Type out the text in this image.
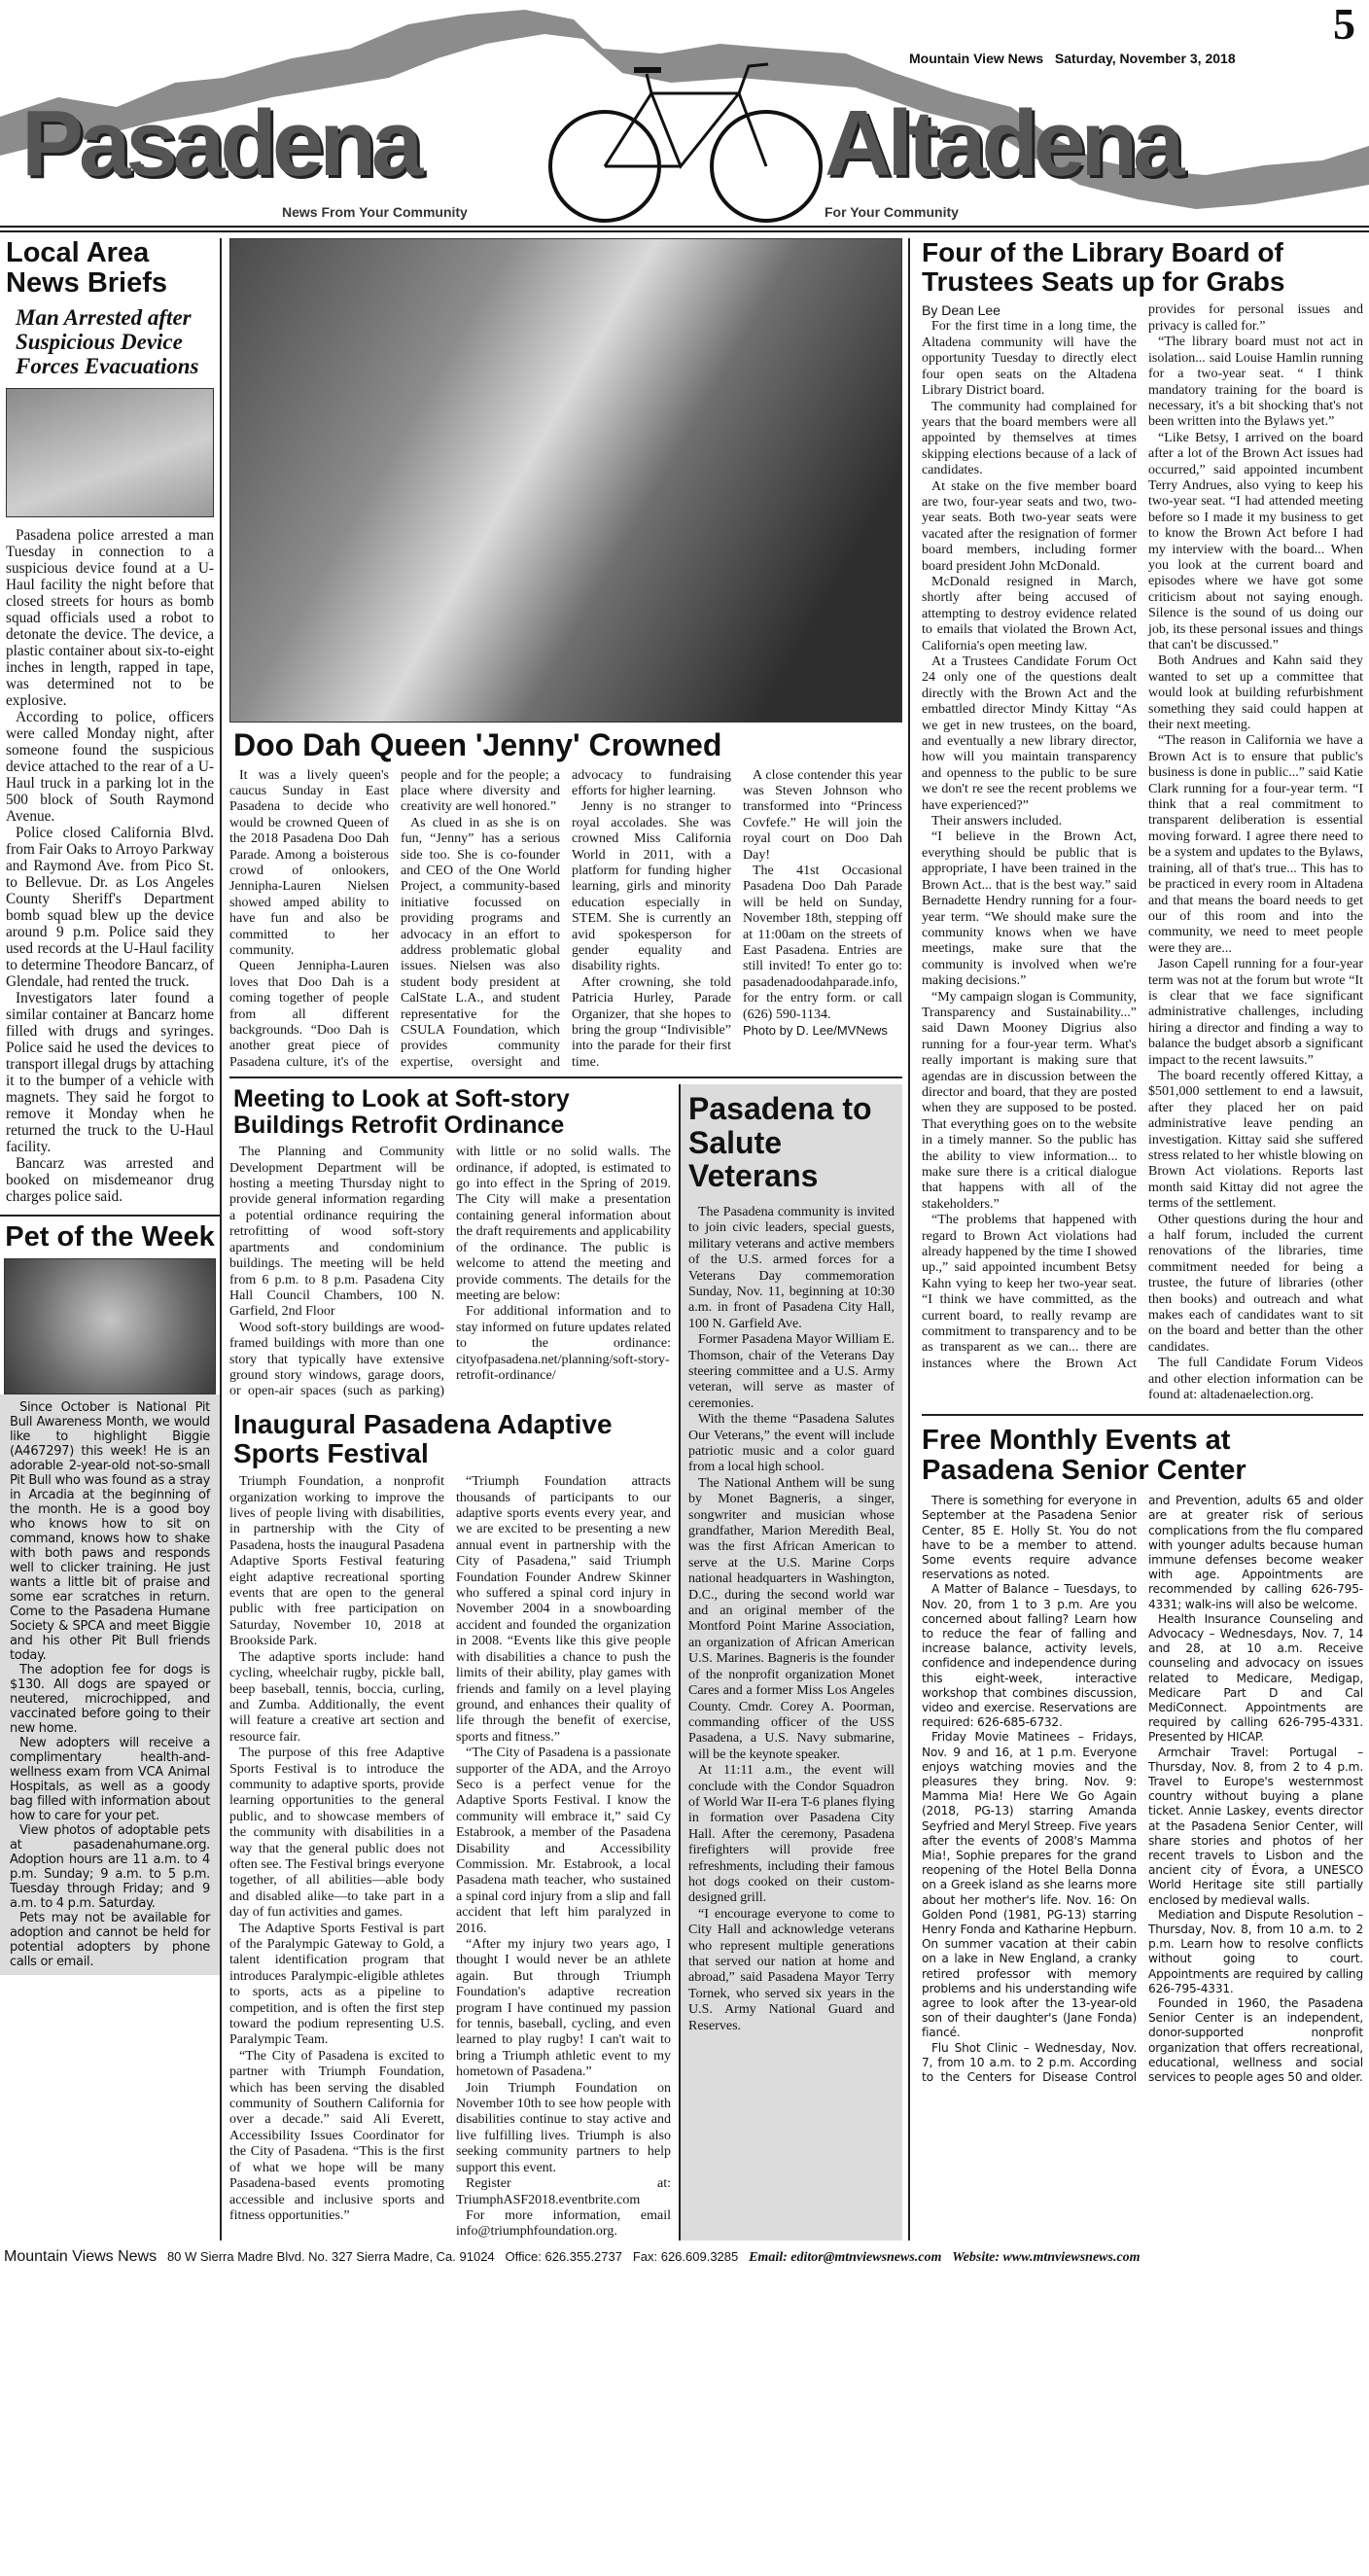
5
Mountain View News Saturday, November 3, 2018
Pasadena	Altadena
News From Your Community	For Your Community
Local Area News Briefs
Man Arrested after Suspicious Device Forces Evacuations

Pasadena police arrested a man Tuesday in connection to a suspicious device found at a U-Haul facility the night before that closed streets for hours as bomb squad officials used a robot to detonate the device. The device, a plastic container about six-to-eight inches in length, rapped in tape, was determined not to be explosive.

According to police, officers were called Monday night, after someone found the suspicious device attached to the rear of a U-Haul truck in a parking lot in the 500 block of South Raymond Avenue.

Police closed California Blvd. from Fair Oaks to Arroyo Parkway and Raymond Ave. from Pico St. to Bellevue. Dr. as Los Angeles County Sheriff's Department bomb squad blew up the device around 9 p.m. Police said they used records at the U-Haul facility to determine Theodore Bancarz, of Glendale, had rented the truck.

Investigators later found a similar container at Bancarz home filled with drugs and syringes. Police said he used the devices to transport illegal drugs by attaching it to the bumper of a vehicle with magnets. They said he forgot to remove it Monday when he returned the truck to the U-Haul facility.

Bancarz was arrested and booked on misdemeanor drug charges police said.

Pet of the Week

Since October is National Pit Bull Awareness Month, we would like to highlight Biggie (A467297) this week! He is an adorable 2-year-old not-so-small Pit Bull who was found as a stray in Arcadia at the beginning of the month. He is a good boy who knows how to sit on command, knows how to shake with both paws and responds well to clicker training. He just wants a little bit of praise and some ear scratches in return. Come to the Pasadena Humane Society & SPCA and meet Biggie and his other Pit Bull friends today.

The adoption fee for dogs is $130. All dogs are spayed or neutered, microchipped, and vaccinated before going to their new home.

New adopters will receive a complimentary health-and-wellness exam from VCA Animal Hospitals, as well as a goody bag filled with information about how to care for your pet.

View photos of adoptable pets at pasadenahumane.org. Adoption hours are 11 a.m. to 4 p.m. Sunday; 9 a.m. to 5 p.m. Tuesday through Friday; and 9 a.m. to 4 p.m. Saturday.

Pets may not be available for adoption and cannot be held for potential adopters by phone calls or email.

Doo Dah Queen 'Jenny' Crowned

It was a lively queen's caucus Sunday in East Pasadena to decide who would be crowned Queen of the 2018 Pasadena Doo Dah Parade. Among a boisterous crowd of onlookers, Jennipha-Lauren Nielsen showed amped ability to have fun and also be committed to her community.

Queen Jennipha-Lauren loves that Doo Dah is a coming together of people from all different backgrounds. “Doo Dah is another great piece of Pasadena culture, it's of the people and for the people; a place where diversity and creativity are well honored.”

As clued in as she is on fun, “Jenny” has a serious side too. She is co-founder and CEO of the One World Project, a community-based initiative focussed on providing programs and advocacy in an effort to address problematic global issues. Nielsen was also student body president at CalState L.A., and student representative for the CSULA Foundation, which provides community expertise, oversight and advocacy to fundraising efforts for higher learning.

Jenny is no stranger to royal accolades. She was crowned Miss California World in 2011, with a platform for funding higher learning, girls and minority education especially in STEM. She is currently an avid spokesperson for gender equality and disability rights.

After crowning, she told Patricia Hurley, Parade Organizer, that she hopes to bring the group “Indivisible” into the parade for their first time.

A close contender this year was Steven Johnson who transformed into “Princess Covfefe.” He will join the royal court on Doo Dah Day!

The 41st Occasional Pasadena Doo Dah Parade will be held on Sunday, November 18th, stepping off at 11:00am on the streets of East Pasadena. Entries are still invited! To enter go to: pasadenadoodahparade.info, for the entry form. or call (626) 590-1134.

Photo by D. Lee/MVNews
Meeting to Look at Soft-story Buildings Retrofit Ordinance

The Planning and Community Development Department will be hosting a meeting Thursday night to provide general information regarding a potential ordinance requiring the retrofitting of wood soft-story apartments and condominium buildings. The meeting will be held from 6 p.m. to 8 p.m. Pasadena City Hall Council Chambers, 100 N. Garfield, 2nd Floor

Wood soft-story buildings are wood-framed buildings with more than one story that typically have extensive ground story windows, garage doors, or open-air spaces (such as parking) with little or no solid walls. The ordinance, if adopted, is estimated to go into effect in the Spring of 2019. The City will make a presentation containing general information about the draft requirements and applicability of the ordinance. The public is welcome to attend the meeting and provide comments. The details for the meeting are below:

For additional information and to stay informed on future updates related to the ordinance: cityofpasadena.net/planning/soft-story-retrofit-ordinance/

Inaugural Pasadena Adaptive Sports Festival

Triumph Foundation, a nonprofit organization working to improve the lives of people living with disabilities, in partnership with the City of Pasadena, hosts the inaugural Pasadena Adaptive Sports Festival featuring eight adaptive recreational sporting events that are open to the general public with free participation on Saturday, November 10, 2018 at Brookside Park.

The adaptive sports include: hand cycling, wheelchair rugby, pickle ball, beep baseball, tennis, boccia, curling, and Zumba. Additionally, the event will feature a creative art section and resource fair.

The purpose of this free Adaptive Sports Festival is to introduce the community to adaptive sports, provide learning opportunities to the general public, and to showcase members of the community with disabilities in a way that the general public does not often see. The Festival brings everyone together, of all abilities—able body and disabled alike—to take part in a day of fun activities and games.

The Adaptive Sports Festival is part of the Paralympic Gateway to Gold, a talent identification program that introduces Paralympic-eligible athletes to sports, acts as a pipeline to competition, and is often the first step toward the podium representing U.S. Paralympic Team.

“The City of Pasadena is excited to partner with Triumph Foundation, which has been serving the disabled community of Southern California for over a decade.” said Ali Everett, Accessibility Issues Coordinator for the City of Pasadena. “This is the first of what we hope will be many Pasadena-based events promoting accessible and inclusive sports and fitness opportunities.”

“Triumph Foundation attracts thousands of participants to our adaptive sports events every year, and we are excited to be presenting a new annual event in partnership with the City of Pasadena,” said Triumph Foundation Founder Andrew Skinner who suffered a spinal cord injury in November 2004 in a snowboarding accident and founded the organization in 2008. “Events like this give people with disabilities a chance to push the limits of their ability, play games with friends and family on a level playing ground, and enhances their quality of life through the benefit of exercise, sports and fitness.”

“The City of Pasadena is a passionate supporter of the ADA, and the Arroyo Seco is a perfect venue for the Adaptive Sports Festival. I know the community will embrace it,” said Cy Estabrook, a member of the Pasadena Disability and Accessibility Commission. Mr. Estabrook, a local Pasadena math teacher, who sustained a spinal cord injury from a slip and fall accident that left him paralyzed in 2016.

“After my injury two years ago, I thought I would never be an athlete again. But through Triumph Foundation's adaptive recreation program I have continued my passion for tennis, baseball, cycling, and even learned to play rugby! I can't wait to bring a Triumph athletic event to my hometown of Pasadena.”

Join Triumph Foundation on November 10th to see how people with disabilities continue to stay active and live fulfilling lives. Triumph is also seeking community partners to help support this event.

Register at: TriumphASF2018.eventbrite.com

For more information, email info@triumphfoundation.org.

Pasadena to Salute Veterans

The Pasadena community is invited to join civic leaders, special guests, military veterans and active members of the U.S. armed forces for a Veterans Day commemoration Sunday, Nov. 11, beginning at 10:30 a.m. in front of Pasadena City Hall, 100 N. Garfield Ave.

Former Pasadena Mayor William E. Thomson, chair of the Veterans Day steering committee and a U.S. Army veteran, will serve as master of ceremonies.

With the theme “Pasadena Salutes Our Veterans,” the event will include patriotic music and a color guard from a local high school.

The National Anthem will be sung by Monet Bagneris, a singer, songwriter and musician whose grandfather, Marion Meredith Beal, was the first African American to serve at the U.S. Marine Corps national headquarters in Washington, D.C., during the second world war and an original member of the Montford Point Marine Association, an organization of African American U.S. Marines. Bagneris is the founder of the nonprofit organization Monet Cares and a former Miss Los Angeles County. Cmdr. Corey A. Poorman, commanding officer of the USS Pasadena, a U.S. Navy submarine, will be the keynote speaker.

At 11:11 a.m., the event will conclude with the Condor Squadron of World War II-era T-6 planes flying in formation over Pasadena City Hall. After the ceremony, Pasadena firefighters will provide free refreshments, including their famous hot dogs cooked on their custom-designed grill.

“I encourage everyone to come to City Hall and acknowledge veterans who represent multiple generations that served our nation at home and abroad,” said Pasadena Mayor Terry Tornek, who served six years in the U.S. Army National Guard and Reserves.

Four of the Library Board of Trustees Seats up for Grabs
By Dean Lee

For the first time in a long time, the Altadena community will have the opportunity Tuesday to directly elect four open seats on the Altadena Library District board.

The community had complained for years that the board members were all appointed by themselves at times skipping elections because of a lack of candidates.

At stake on the five member board are two, four-year seats and two, two-year seats. Both two-year seats were vacated after the resignation of former board members, including former board president John McDonald.

McDonald resigned in March, shortly after being accused of attempting to destroy evidence related to emails that violated the Brown Act, California's open meeting law.

At a Trustees Candidate Forum Oct 24 only one of the questions dealt directly with the Brown Act and the embattled director Mindy Kittay “As we get in new trustees, on the board, and eventually a new library director, how will you maintain transparency and openness to the public to be sure we don't re see the recent problems we have experienced?”

Their answers included.

“I believe in the Brown Act, everything should be public that is appropriate, I have been trained in the Brown Act... that is the best way.” said Bernadette Hendry running for a four-year term. “We should make sure the community knows when we have meetings, make sure that the community is involved when we're making decisions.”

“My campaign slogan is Community, Transparency and Sustainability...” said Dawn Mooney Digrius also running for a four-year term. What's really important is making sure that agendas are in discussion between the director and board, that they are posted when they are supposed to be posted. That everything goes on to the website in a timely manner. So the public has the ability to view information... to make sure there is a critical dialogue that happens with all of the stakeholders.”

“The problems that happened with regard to Brown Act violations had already happened by the time I showed up.,” said appointed incumbent Betsy Kahn vying to keep her two-year seat. “I think we have committed, as the current board, to really revamp are commitment to transparency and to be as transparent as we can... there are instances where the Brown Act provides for personal issues and privacy is called for.”

“The library board must not act in isolation... said Louise Hamlin running for a two-year seat. “ I think mandatory training for the board is necessary, it's a bit shocking that's not been written into the Bylaws yet.”

“Like Betsy, I arrived on the board after a lot of the Brown Act issues had occurred,” said appointed incumbent Terry Andrues, also vying to keep his two-year seat. “I had attended meeting before so I made it my business to get to know the Brown Act before I had my interview with the board... When you look at the current board and episodes where we have got some criticism about not saying enough. Silence is the sound of us doing our job, its these personal issues and things that can't be discussed.”

Both Andrues and Kahn said they wanted to set up a committee that would look at building refurbishment something they said could happen at their next meeting.

“The reason in California we have a Brown Act is to ensure that public's business is done in public...” said Katie Clark running for a four-year term. “I think that a real commitment to transparent deliberation is essential moving forward. I agree there need to be a system and updates to the Bylaws, training, all of that's true... This has to be practiced in every room in Altadena and that means the board needs to get our of this room and into the community, we need to meet people were they are...

Jason Capell running for a four-year term was not at the forum but wrote “It is clear that we face significant administrative challenges, including hiring a director and finding a way to balance the budget absorb a significant impact to the recent lawsuits.”

The board recently offered Kittay, a $501,000 settlement to end a lawsuit, after they placed her on paid administrative leave pending an investigation. Kittay said she suffered stress related to her whistle blowing on Brown Act violations. Reports last month said Kittay did not agree the terms of the settlement.

Other questions during the hour and a half forum, included the current renovations of the libraries, time commitment needed for being a trustee, the future of libraries (other then books) and outreach and what makes each of candidates want to sit on the board and better than the other candidates.

The full Candidate Forum Videos and other election information can be found at: altadenaelection.org.

Free Monthly Events at Pasadena Senior Center

There is something for everyone in September at the Pasadena Senior Center, 85 E. Holly St. You do not have to be a member to attend. Some events require advance reservations as noted.

A Matter of Balance – Tuesdays, to Nov. 20, from 1 to 3 p.m. Are you concerned about falling? Learn how to reduce the fear of falling and increase balance, activity levels, confidence and independence during this eight-week, interactive workshop that combines discussion, video and exercise. Reservations are required: 626-685-6732.

Friday Movie Matinees – Fridays, Nov. 9 and 16, at 1 p.m. Everyone enjoys watching movies and the pleasures they bring. Nov. 9: Mamma Mia! Here We Go Again (2018, PG-13) starring Amanda Seyfried and Meryl Streep. Five years after the events of 2008's Mamma Mia!, Sophie prepares for the grand reopening of the Hotel Bella Donna on a Greek island as she learns more about her mother's life. Nov. 16: On Golden Pond (1981, PG-13) starring Henry Fonda and Katharine Hepburn. On summer vacation at their cabin on a lake in New England, a cranky retired professor with memory problems and his understanding wife agree to look after the 13-year-old son of their daughter's (Jane Fonda) fiancé.

Flu Shot Clinic – Wednesday, Nov. 7, from 10 a.m. to 2 p.m. According to the Centers for Disease Control and Prevention, adults 65 and older are at greater risk of serious complications from the flu compared with younger adults because human immune defenses become weaker with age. Appointments are recommended by calling 626-795-4331; walk-ins will also be welcome.

Health Insurance Counseling and Advocacy – Wednesdays, Nov. 7, 14 and 28, at 10 a.m. Receive counseling and advocacy on issues related to Medicare, Medigap, Medicare Part D and Cal MediConnect. Appointments are required by calling 626-795-4331. Presented by HICAP.

Armchair Travel: Portugal – Thursday, Nov. 8, from 2 to 4 p.m. Travel to Europe's westernmost country without buying a plane ticket. Annie Laskey, events director at the Pasadena Senior Center, will share stories and photos of her recent travels to Lisbon and the ancient city of Évora, a UNESCO World Heritage site still partially enclosed by medieval walls.

Mediation and Dispute Resolution – Thursday, Nov. 8, from 10 a.m. to 2 p.m. Learn how to resolve conflicts without going to court. Appointments are required by calling 626-795-4331.

Founded in 1960, the Pasadena Senior Center is an independent, donor-supported nonprofit organization that offers recreational, educational, wellness and social services to people ages 50 and older.

Mountain Views News 80 W Sierra Madre Blvd. No. 327 Sierra Madre, Ca. 91024 Office: 626.355.2737 Fax: 626.609.3285 Email: editor@mtnviewsnews.com Website: www.mtnviewsnews.com
